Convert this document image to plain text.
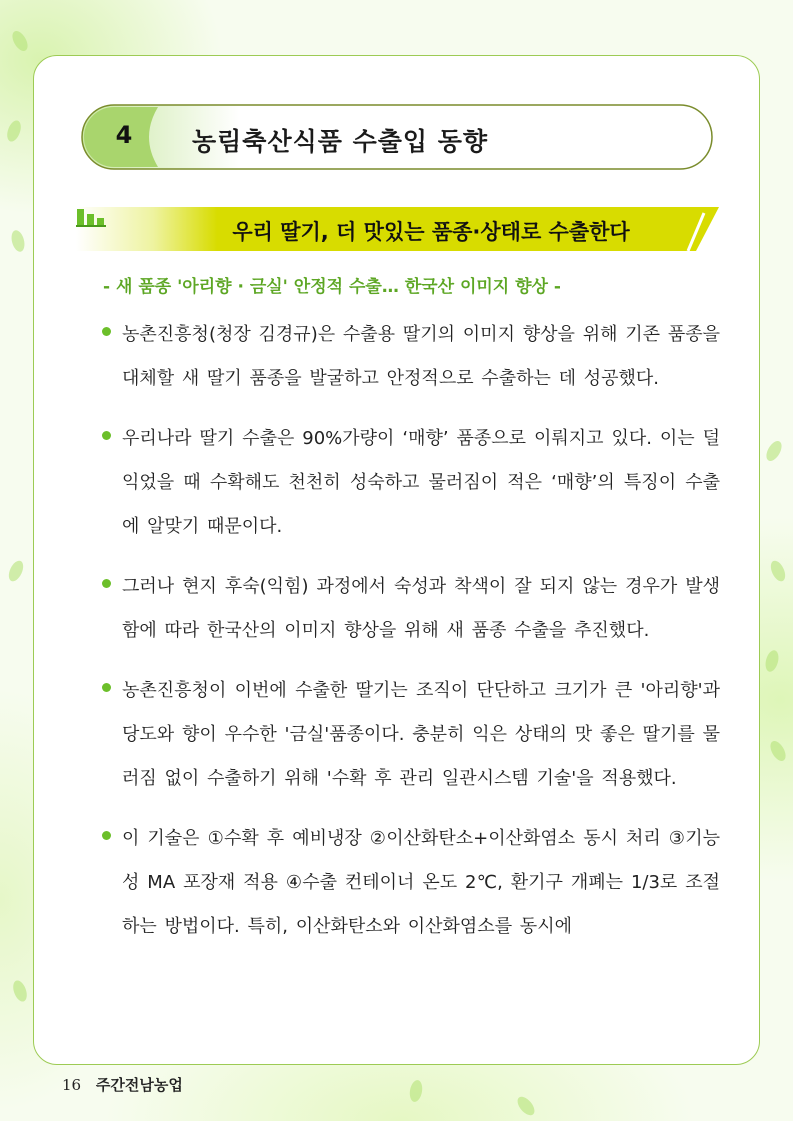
4	농림축산식품 수출입 동향
우리 딸기, 더 맛있는 품종·상태로 수출한다
- 새 품종 '아리향 · 금실' 안정적 수출… 한국산 이미지 향상 -

농촌진흥청(청장 김경규)은 수출용 딸기의 이미지 향상을 위해 기존 품종을 대체할 새 딸기 품종을 발굴하고 안정적으로 수출하는 데 성공했다.

우리나라 딸기 수출은 90%가량이 ‘매향’ 품종으로 이뤄지고 있다. 이는 덜 익었을 때 수확해도 천천히 성숙하고 물러짐이 적은 ‘매향’의 특징이 수출에 알맞기 때문이다.

그러나 현지 후숙(익힘) 과정에서 숙성과 착색이 잘 되지 않는 경우가 발생함에 따라 한국산의 이미지 향상을 위해 새 품종 수출을 추진했다.

농촌진흥청이 이번에 수출한 딸기는 조직이 단단하고 크기가 큰 '아리향'과 당도와 향이 우수한 '금실'품종이다. 충분히 익은 상태의 맛 좋은 딸기를 물러짐 없이 수출하기 위해 '수확 후 관리 일관시스템 기술'을 적용했다.

이 기술은 ①수확 후 예비냉장 ②이산화탄소+이산화염소 동시 처리 ③기능성 MA 포장재 적용 ④수출 컨테이너 온도 2℃, 환기구 개폐는 1/3로 조절하는 방법이다. 특히, 이산화탄소와 이산화염소를 동시에

16 주간전남농업
